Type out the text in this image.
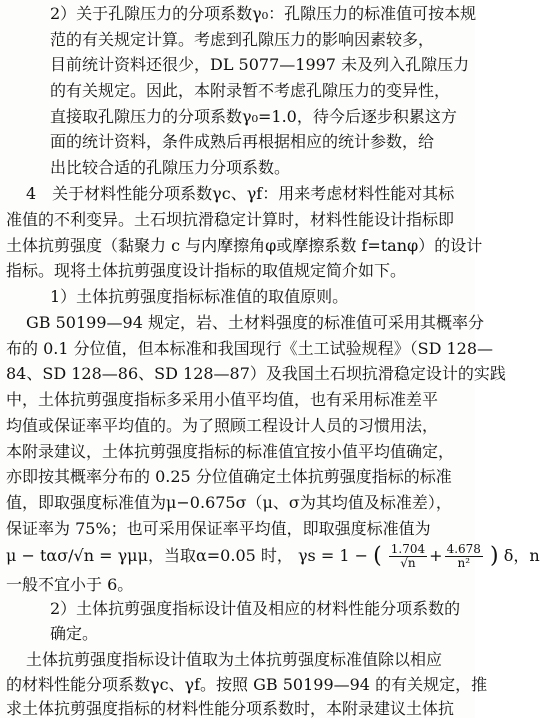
2）关于孔隙压力的分项系数γ₀：孔隙压力的标准值可按本规
范的有关规定计算。考虑到孔隙压力的影响因素较多，
目前统计资料还很少，DL 5077—1997 未及列入孔隙压力
的有关规定。因此，本附录暂不考虑孔隙压力的变异性，
直接取孔隙压力的分项系数γ₀=1.0，待今后逐步积累这方
面的统计资料，条件成熟后再根据相应的统计参数，给
出比较合适的孔隙压力分项系数。
4　关于材料性能分项系数γc、γf：用来考虑材料性能对其标
准值的不利变异。土石坝抗滑稳定计算时，材料性能设计指标即
土体抗剪强度（黏聚力 c 与内摩擦角φ或摩擦系数 f=tanφ）的设计
指标。现将土体抗剪强度设计指标的取值规定简介如下。
1）土体抗剪强度指标标准值的取值原则。
GB 50199—94 规定，岩、土材料强度的标准值可采用其概率分
布的 0.1 分位值，但本标准和我国现行《土工试验规程》（SD 128—
84、SD 128—86、SD 128—87）及我国土石坝抗滑稳定设计的实践
中，土体抗剪强度指标多采用小值平均值，也有采用标准差平
均值或保证率平均值的。为了照顾工程设计人员的习惯用法，
本附录建议，土体抗剪强度指标的标准值宜按小值平均值确定，
亦即按其概率分布的 0.25 分位值确定土体抗剪强度指标的标准
值，即取强度标准值为μ−0.675σ（μ、σ为其均值及标准差），
保证率为 75%；也可采用保证率平均值，即取强度标准值为
μ − tασ/√n = γμμ，当取α=0.05 时， γs = 1 − ( $\frac{1.704}{√n} + \frac{4.678}{\text{n²}}$ ) δ，n
一般不宜小于 6。
2）土体抗剪强度指标设计值及相应的材料性能分项系数的
确定。
土体抗剪强度指标设计值取为土体抗剪强度标准值除以相应
的材料性能分项系数γc、γf。按照 GB 50199—94 的有关规定，推
求土体抗剪强度指标的材料性能分项系数时，本附录建议土体抗
